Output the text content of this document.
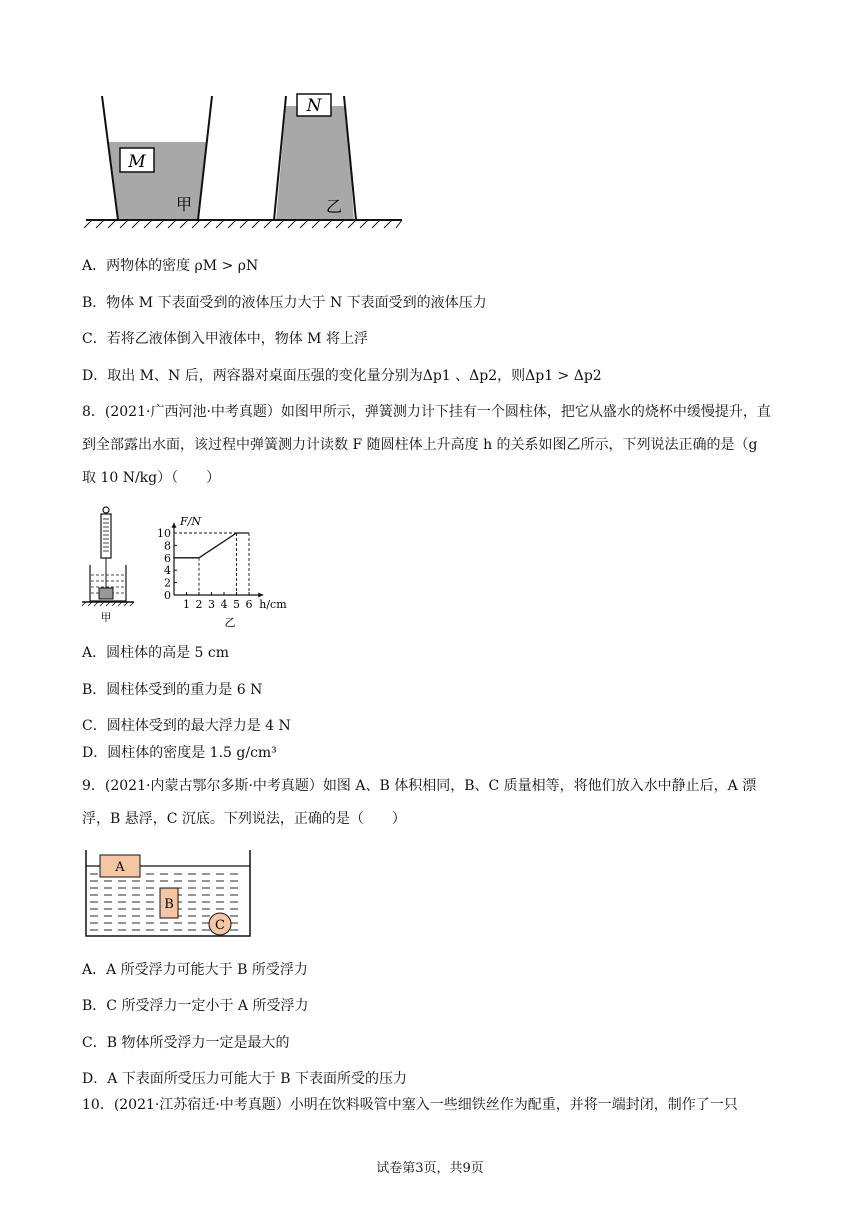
M
甲
N
乙
A．两物体的密度 ρM > ρN
B．物体 M 下表面受到的液体压力大于 N 下表面受到的液体压力
C．若将乙液体倒入甲液体中，物体 M 将上浮
D．取出 M、N 后，两容器对桌面压强的变化量分别为Δp1 、Δp2，则Δp1 > Δp2
8．(2021·广西河池·中考真题）如图甲所示，弹簧测力计下挂有一个圆柱体，把它从盛水的烧杯中缓慢提升，直到全部露出水面，该过程中弹簧测力计读数 F 随圆柱体上升高度 h 的关系如图乙所示，下列说法正确的是（g 取 10 N/kg）（　　）
甲
0
2
4
6
8
10
1 2 3 4 5 6
F/N
h/cm
乙
A．圆柱体的高是 5 cm
B．圆柱体受到的重力是 6 N
C．圆柱体受到的最大浮力是 4 N
D．圆柱体的密度是 1.5 g/cm³
9．(2021·内蒙古鄂尔多斯·中考真题）如图 A、B 体积相同，B、C 质量相等，将他们放入水中静止后，A 漂浮，B 悬浮，C 沉底。下列说法，正确的是（　　）
A
B
C
A．A 所受浮力可能大于 B 所受浮力
B．C 所受浮力一定小于 A 所受浮力
C．B 物体所受浮力一定是最大的
D．A 下表面所受压力可能大于 B 下表面所受的压力
10．(2021·江苏宿迁·中考真题）小明在饮料吸管中塞入一些细铁丝作为配重，并将一端封闭，制作了一只
试卷第3页，共9页
